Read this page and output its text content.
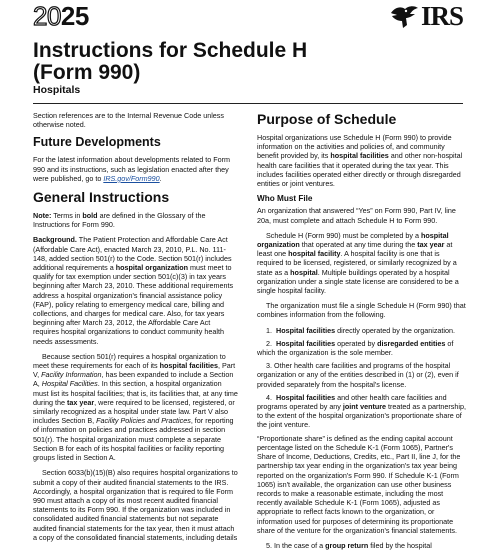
2025	IRS
Instructions for Schedule H
(Form 990)
Hospitals

Section references are to the Internal Revenue Code unless otherwise noted.

Future Developments

For the latest information about developments related to Form 990 and its instructions, such as legislation enacted after they were published, go to IRS.gov/Form990.

General Instructions

Note: Terms in bold are defined in the Glossary of the Instructions for Form 990.

Background. The Patient Protection and Affordable Care Act (Affordable Care Act), enacted March 23, 2010, P.L. No. 111-148, added section 501(r) to the Code. Section 501(r) includes additional requirements a hospital organization must meet to qualify for tax exemption under section 501(c)(3) in tax years beginning after March 23, 2010. These additional requirements address a hospital organization's financial assistance policy (FAP), policy relating to emergency medical care, billing and collections, and charges for medical care. Also, for tax years beginning after March 23, 2012, the Affordable Care Act requires hospital organizations to conduct community health needs assessments.

Because section 501(r) requires a hospital organization to meet these requirements for each of its hospital facilities, Part V, Facility Information, has been expanded to include a Section A, Hospital Facilities. In this section, a hospital organization must list its hospital facilities; that is, its facilities that, at any time during the tax year, were required to be licensed, registered, or similarly recognized as a hospital under state law. Part V also includes Section B, Facility Policies and Practices, for reporting of information on policies and practices addressed in section 501(r). The hospital organization must complete a separate Section B for each of its hospital facilities or facility reporting groups listed in Section A.

Section 6033(b)(15)(B) also requires hospital organizations to submit a copy of their audited financial statements to the IRS. Accordingly, a hospital organization that is required to file Form 990 must attach a copy of its most recent audited financial statements to its Form 990. If the organization was included in consolidated audited financial statements but not separate audited financial statements for the tax year, then it must attach a copy of the consolidated financial statements, including details

Purpose of Schedule

Hospital organizations use Schedule H (Form 990) to provide information on the activities and policies of, and community benefit provided by, its hospital facilities and other non-hospital health care facilities that it operated during the tax year. This includes facilities operated either directly or through disregarded entities or joint ventures.

Who Must File

An organization that answered “Yes” on Form 990, Part IV, line 20a, must complete and attach Schedule H to Form 990.

Schedule H (Form 990) must be completed by a hospital organization that operated at any time during the tax year at least one hospital facility. A hospital facility is one that is required to be licensed, registered, or similarly recognized by a state as a hospital. Multiple buildings operated by a hospital organization under a single state license are considered to be a single hospital facility.

The organization must file a single Schedule H (Form 990) that combines information from the following.

1. Hospital facilities directly operated by the organization.

2. Hospital facilities operated by disregarded entities of which the organization is the sole member.

3. Other health care facilities and programs of the hospital organization or any of the entities described in (1) or (2), even if provided separately from the hospital's license.

4. Hospital facilities and other health care facilities and programs operated by any joint venture treated as a partnership, to the extent of the hospital organization's proportionate share of the joint venture.

“Proportionate share” is defined as the ending capital account percentage listed on the Schedule K-1 (Form 1065), Partner's Share of Income, Deductions, Credits, etc., Part II, line J, for the partnership tax year ending in the organization's tax year being reported on the organization's Form 990. If Schedule K-1 (Form 1065) isn't available, the organization can use other business records to make a reasonable estimate, including the most recently available Schedule K-1 (Form 1065), adjusted as appropriate to reflect facts known to the organization, or information used for purposes of determining its proportionate share of the venture for the organization's financial statements.

5. In the case of a group return filed by the hospital
